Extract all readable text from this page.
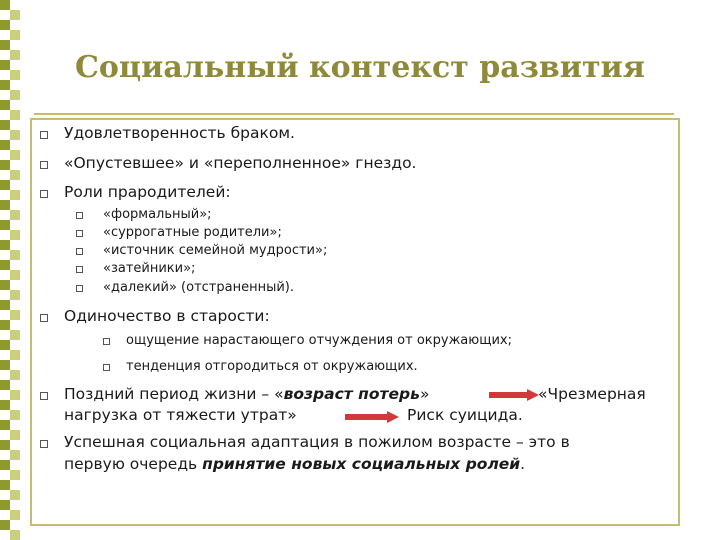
Социальный контекст развития
Удовлетворенность браком.
«Опустевшее» и «переполненное» гнездо.
Роли прародителей:
«формальный»;
«суррогатные родители»;
«источник семейной мудрости»;
«затейники»;
«далекий» (отстраненный).
Одиночество в старости:
ощущение нарастающего отчуждения от окружающих;
тенденция отгородиться от окружающих.
Поздний период жизни – «возраст потерь»	«Чрезмерная
нагрузка от тяжести утрат»	Риск суицида.
Успешная социальная адаптация в пожилом возрасте – это в
первую очередь принятие новых социальных ролей.
